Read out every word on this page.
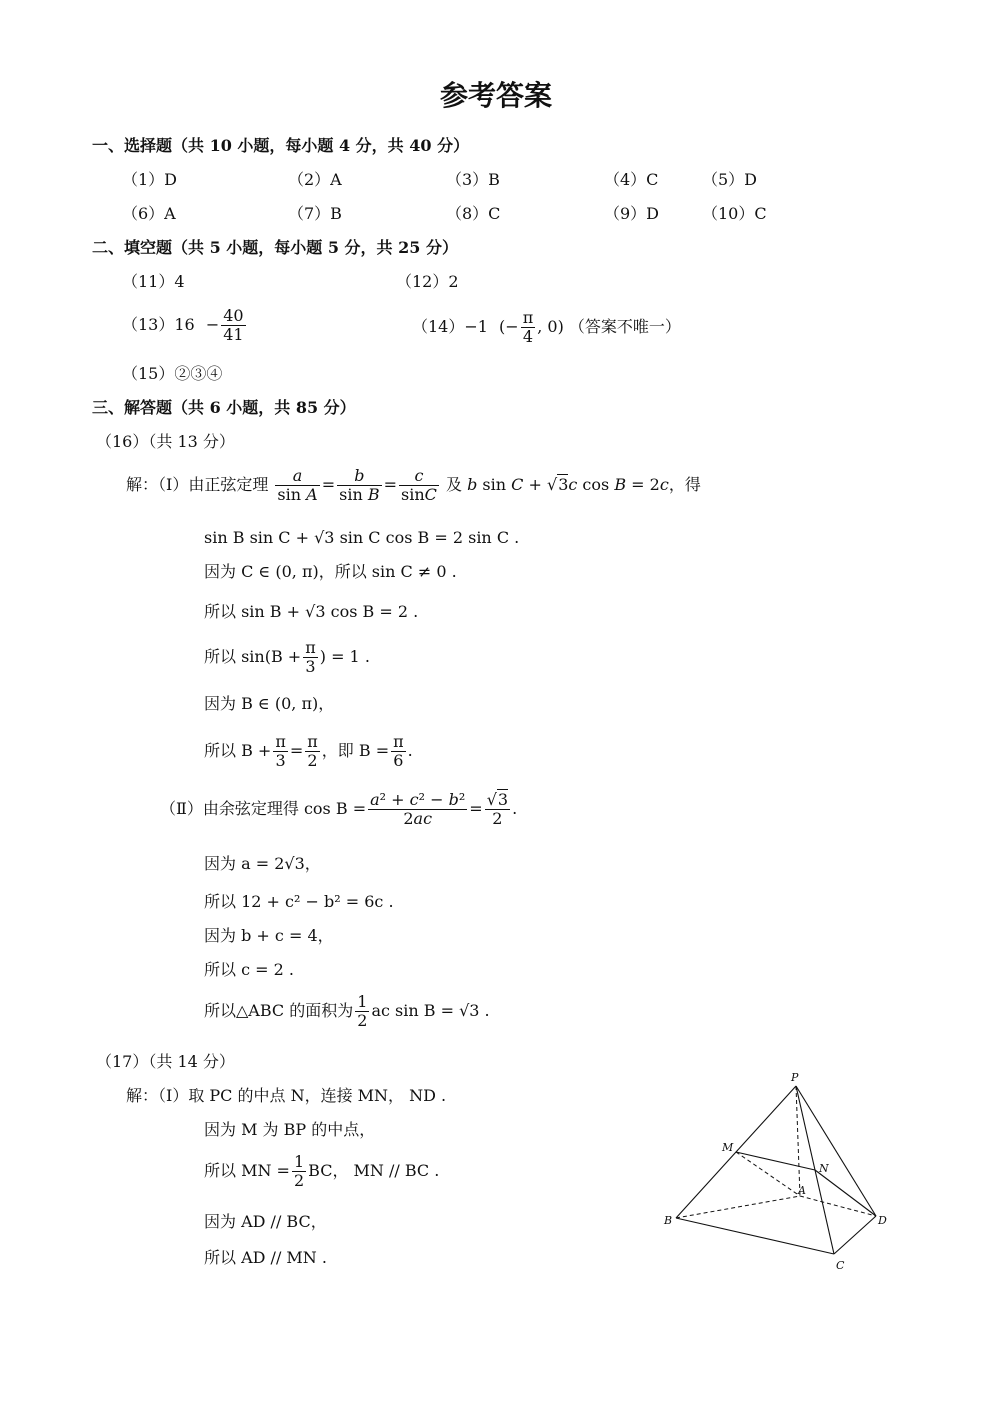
参考答案
一、选择题（共 10 小题，每小题 4 分，共 40 分）
（1）D	（2）A	（3）B	（4）C	（5）D
（6）A	（7）B	（8）C	（9）D	（10）C
二、填空题（共 5 小题，每小题 5 分，共 25 分）
（11）4	（12）2
$(13)16 - \frac{40}{41}$	（14）−1 (− $\frac{\pi}{4}$ , 0) （答案不唯一）
（15）②③④
三、解答题（共 6 小题，共 85 分）
（16）（共 13 分）
解：（Ⅰ）由正弦定理 $\frac{a}{\text{sin A}} = \frac{b}{\text{sin B}} = \frac{c}{\sin C}$ 及 b sin C + √3c cos B = 2c，得
sin B sin C + √3 sin C cos B = 2 sin C .
因为 C ∈ (0, π)，所以 sin C ≠ 0 .
所以 sin B + √3 cos B = 2 .
所以 $\sin(B + \frac{\pi}{3}$ ) = 1 .
因为 B ∈ (0, π)，
所以 $B + \frac{\pi}{3} = \frac{\pi}{2}$ ，即 $B = \frac{\pi}{6}$ .
（Ⅱ）由余弦定理得 $\cos B = \frac{\text{a² + c² − b²}}{2ac} = \frac{√3}{2}$ .
因为 a = 2√3，
所以 12 + c² − b² = 6c .
因为 b + c = 4，
所以 c = 2 .
所以△ABC 的面积为 $\frac{1}{2}$ ac sin B = √3 .
（17）（共 14 分）
解：（Ⅰ）取 PC 的中点 N，连接 MN， ND .
因为 M 为 BP 的中点，
所以 MN = $\frac{1}{2}$ BC， MN // BC .
因为 AD // BC，
所以 AD // MN .
P
M
N
A
B
C
D
